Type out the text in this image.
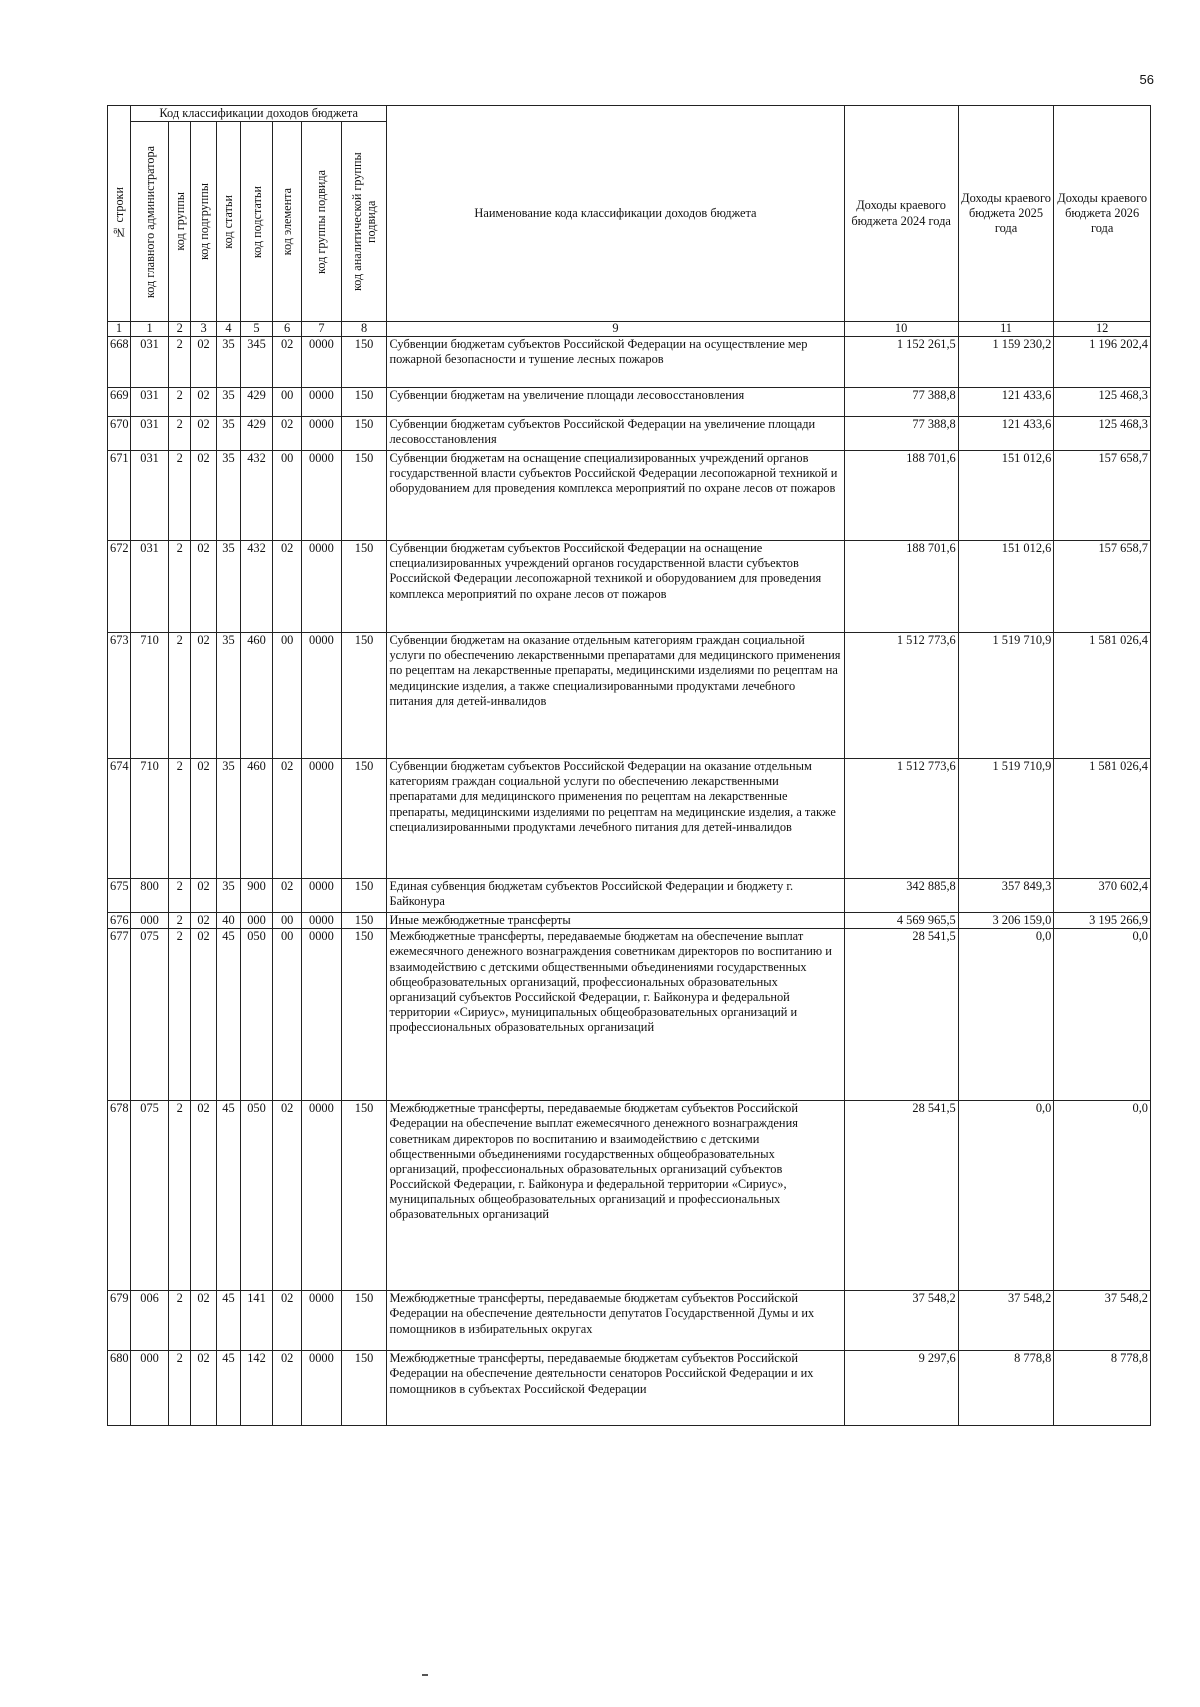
56
№ строки	Код классификации доходов бюджета								Наименование кода классификации доходов бюджета	Доходы краевого бюджета 2024 года	Доходы краевого бюджета 2025 года	Доходы краевого бюджета 2026 года

	код главного администратора	код группы	код подгруппы	код статьи	код подстатьи	код элемента	код группы подвида	код аналитической группы подвида				

1	1	2	3	4	5	6	7	8	9	10	11	12
668	031	2	02	35	345	02	0000	150	Субвенции бюджетам субъектов Российской Федерации на осуществление мер пожарной безопасности и тушение лесных пожаров	1 152 261,5	1 159 230,2	1 196 202,4
669	031	2	02	35	429	00	0000	150	Субвенции бюджетам на увеличение площади лесовосстановления	77 388,8	121 433,6	125 468,3
670	031	2	02	35	429	02	0000	150	Субвенции бюджетам субъектов Российской Федерации на увеличение площади лесовосстановления	77 388,8	121 433,6	125 468,3
671	031	2	02	35	432	00	0000	150	Субвенции бюджетам на оснащение специализированных учреждений органов государственной власти субъектов Российской Федерации лесопожарной техникой и оборудованием для проведения комплекса мероприятий по охране лесов от пожаров	188 701,6	151 012,6	157 658,7
672	031	2	02	35	432	02	0000	150	Субвенции бюджетам субъектов Российской Федерации на оснащение специализированных учреждений органов государственной власти субъектов Российской Федерации лесопожарной техникой и оборудованием для проведения комплекса мероприятий по охране лесов от пожаров	188 701,6	151 012,6	157 658,7
673	710	2	02	35	460	00	0000	150	Субвенции бюджетам на оказание отдельным категориям граждан социальной услуги по обеспечению лекарственными препаратами для медицинского применения по рецептам на лекарственные препараты, медицинскими изделиями по рецептам на медицинские изделия, а также специализированными продуктами лечебного питания для детей-инвалидов	1 512 773,6	1 519 710,9	1 581 026,4
674	710	2	02	35	460	02	0000	150	Субвенции бюджетам субъектов Российской Федерации на оказание отдельным категориям граждан социальной услуги по обеспечению лекарственными препаратами для медицинского применения по рецептам на лекарственные препараты, медицинскими изделиями по рецептам на медицинские изделия, а также специализированными продуктами лечебного питания для детей-инвалидов	1 512 773,6	1 519 710,9	1 581 026,4
675	800	2	02	35	900	02	0000	150	Единая субвенция бюджетам субъектов Российской Федерации и бюджету г. Байконура	342 885,8	357 849,3	370 602,4
676	000	2	02	40	000	00	0000	150	Иные межбюджетные трансферты	4 569 965,5	3 206 159,0	3 195 266,9
677	075	2	02	45	050	00	0000	150	Межбюджетные трансферты, передаваемые бюджетам на обеспечение выплат ежемесячного денежного вознаграждения советникам директоров по воспитанию и взаимодействию с детскими общественными объединениями государственных общеобразовательных организаций, профессиональных образовательных организаций субъектов Российской Федерации, г. Байконура и федеральной территории «Сириус», муниципальных общеобразовательных организаций и профессиональных образовательных организаций	28 541,5	0,0	0,0
678	075	2	02	45	050	02	0000	150	Межбюджетные трансферты, передаваемые бюджетам субъектов Российской Федерации на обеспечение выплат ежемесячного денежного вознаграждения советникам директоров по воспитанию и взаимодействию с детскими общественными объединениями государственных общеобразовательных организаций, профессиональных образовательных организаций субъектов Российской Федерации, г. Байконура и федеральной территории «Сириус», муниципальных общеобразовательных организаций и профессиональных образовательных организаций	28 541,5	0,0	0,0
679	006	2	02	45	141	02	0000	150	Межбюджетные трансферты, передаваемые бюджетам субъектов Российской Федерации на обеспечение деятельности депутатов Государственной Думы и их помощников в избирательных округах	37 548,2	37 548,2	37 548,2
680	000	2	02	45	142	02	0000	150	Межбюджетные трансферты, передаваемые бюджетам субъектов Российской Федерации на обеспечение деятельности сенаторов Российской Федерации и их помощников в субъектах Российской Федерации	9 297,6	8 778,8	8 778,8
